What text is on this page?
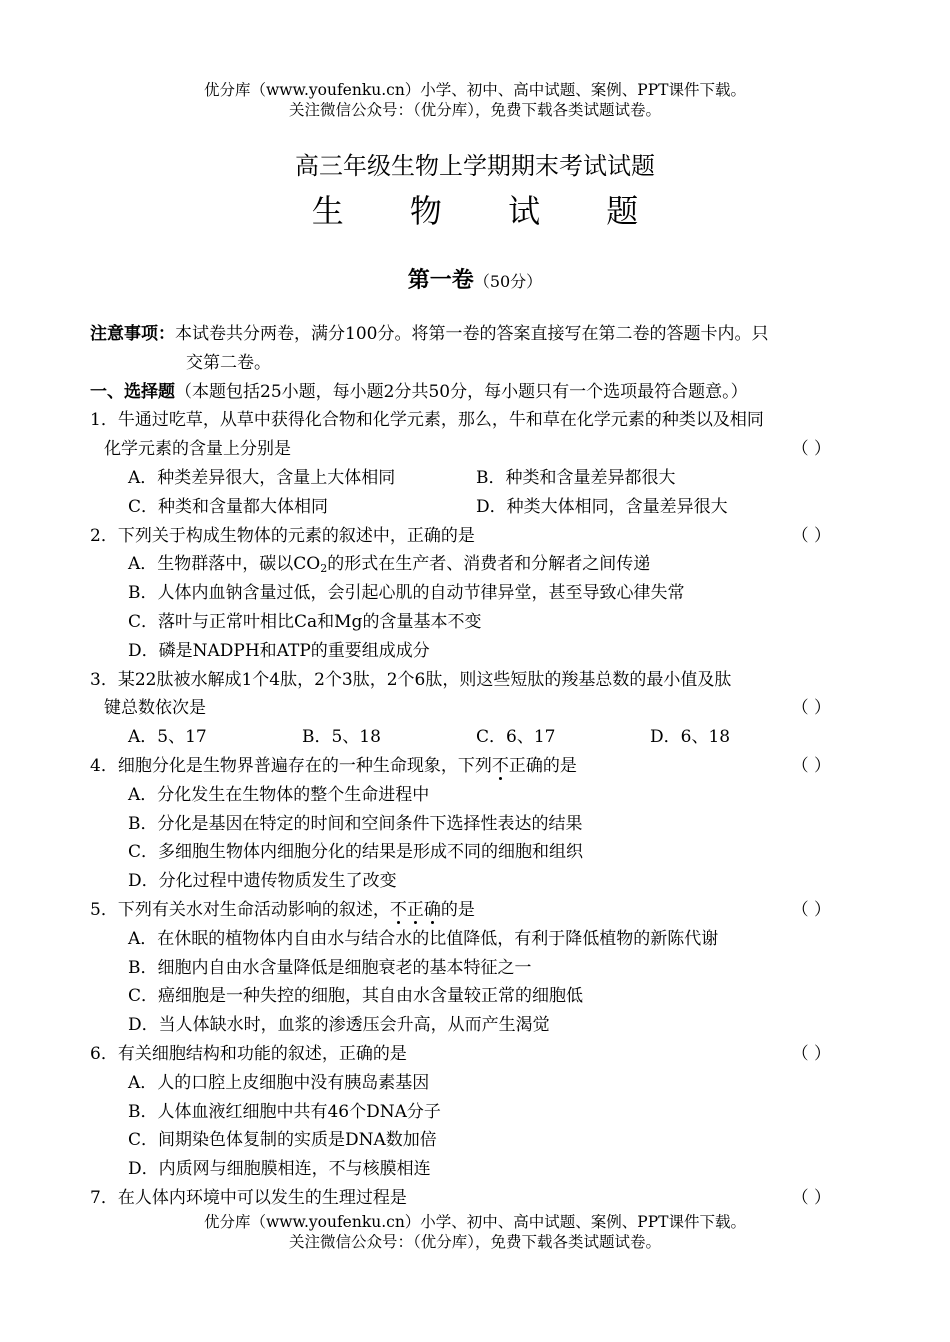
优分库（www.youfenku.cn）小学、初中、高中试题、案例、PPT课件下载。
关注微信公众号：（优分库），免费下载各类试题试卷。
高三年级生物上学期期末考试试题
生 物 试 题
第一卷（50分）
注意事项：本试卷共分两卷，满分100分。将第一卷的答案直接写在第二卷的答题卡内。只
交第二卷。
一、选择题（本题包括25小题，每小题2分共50分，每小题只有一个选项最符合题意。）
1．牛通过吃草，从草中获得化合物和化学元素，那么，牛和草在化学元素的种类以及相同
化学元素的含量上分别是	（ ）
A．种类差异很大，含量上大体相同	B．种类和含量差异都很大
C．种类和含量都大体相同	D．种类大体相同，含量差异很大
2．下列关于构成生物体的元素的叙述中，正确的是	（ ）
A．生物群落中，碳以$CO_2$的形式在生产者、消费者和分解者之间传递
B．人体内血钠含量过低，会引起心肌的自动节律异堂，甚至导致心律失常
C．落叶与正常叶相比Ca和Mg的含量基本不变
D．磷是NADPH和ATP的重要组成成分
3．某22肽被水解成1个4肽，2个3肽，2个6肽，则这些短肽的羧基总数的最小值及肽
键总数依次是	（ ）
A．5、17	B．5、18	C．6、17	D．6、18
4．细胞分化是生物界普遍存在的一种生命现象，下列不正确的是	（ ）
A．分化发生在生物体的整个生命进程中
B．分化是基因在特定的时间和空间条件下选择性表达的结果
C．多细胞生物体内细胞分化的结果是形成不同的细胞和组织
D．分化过程中遗传物质发生了改变
5．下列有关水对生命活动影响的叙述，不正确的是	（ ）
A．在休眠的植物体内自由水与结合水的比值降低，有利于降低植物的新陈代谢
B．细胞内自由水含量降低是细胞衰老的基本特征之一
C．癌细胞是一种失控的细胞，其自由水含量较正常的细胞低
D．当人体缺水时，血浆的渗透压会升高，从而产生渴觉
6．有关细胞结构和功能的叙述，正确的是	（ ）
A．人的口腔上皮细胞中没有胰岛素基因
B．人体血液红细胞中共有46个DNA分子
C．间期染色体复制的实质是DNA数加倍
D．内质网与细胞膜相连，不与核膜相连
7．在人体内环境中可以发生的生理过程是	（ ）
优分库（www.youfenku.cn）小学、初中、高中试题、案例、PPT课件下载。
关注微信公众号：（优分库），免费下载各类试题试卷。
